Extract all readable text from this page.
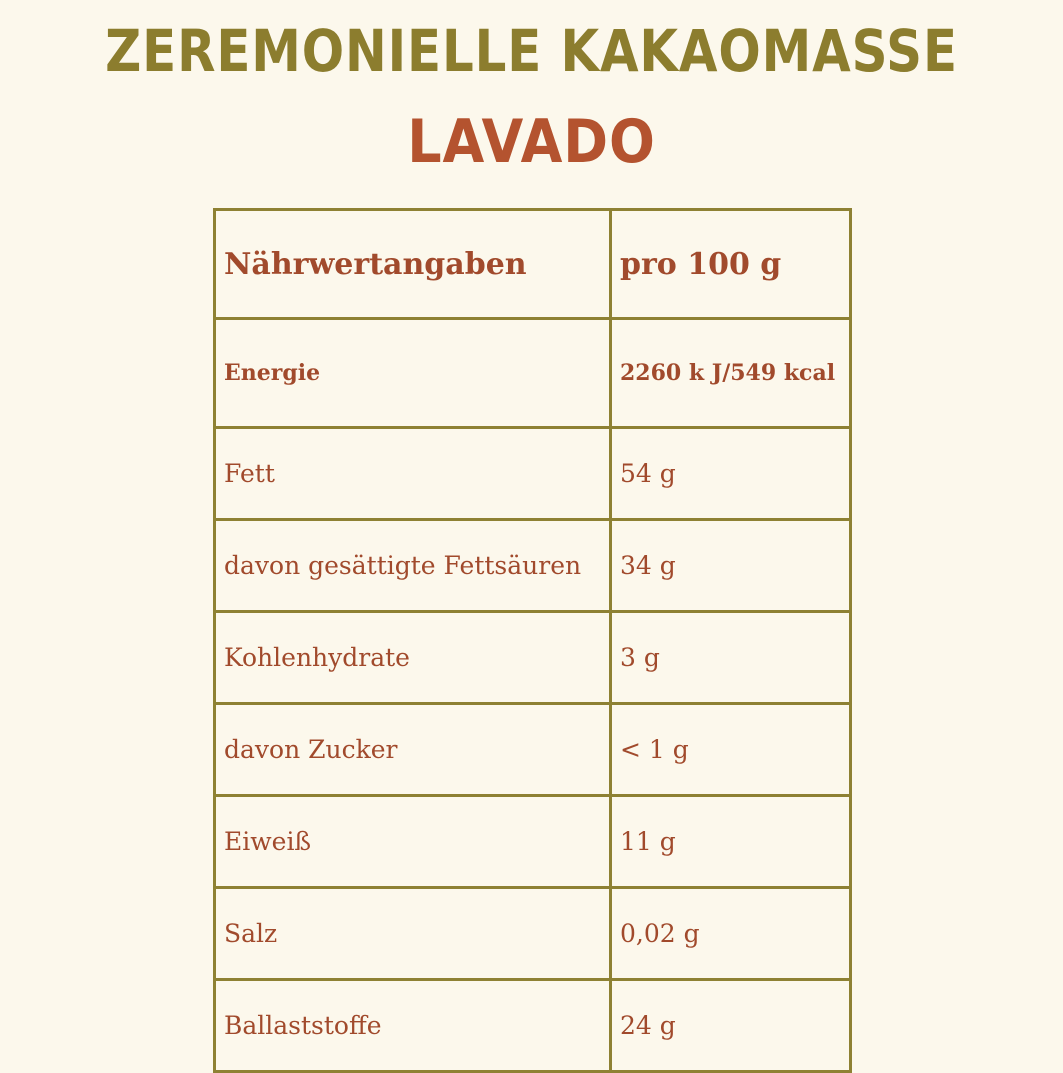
ZEREMONIELLE KAKAOMASSE
LAVADO
Nährwertangaben	pro 100 g
Energie	2260 k J/549 kcal
Fett	54 g
davon gesättigte Fettsäuren	34 g
Kohlenhydrate	3 g
davon Zucker	< 1 g
Eiweiß	11 g
Salz	0,02 g
Ballaststoffe	24 g
